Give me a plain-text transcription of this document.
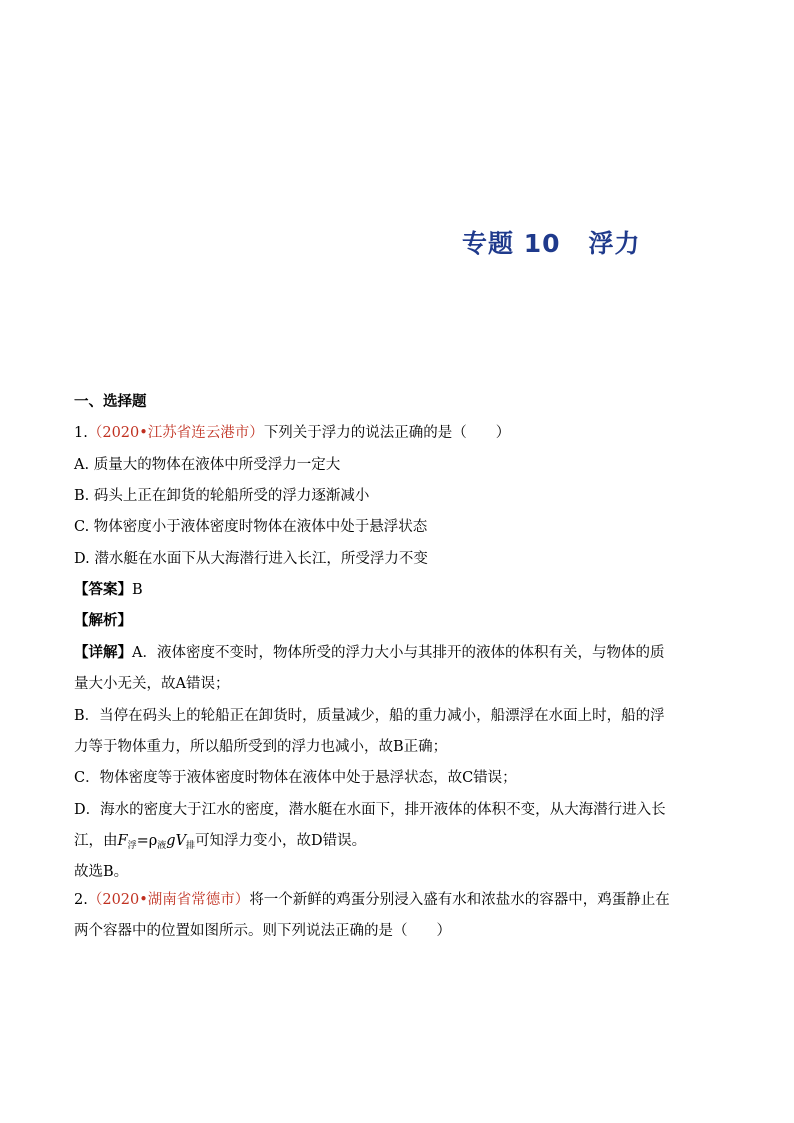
专题 10 浮力
一、选择题
1.（2020•江苏省连云港市）下列关于浮力的说法正确的是（　　）
A. 质量大的物体在液体中所受浮力一定大
B. 码头上正在卸货的轮船所受的浮力逐渐减小
C. 物体密度小于液体密度时物体在液体中处于悬浮状态
D. 潜水艇在水面下从大海潜行进入长江，所受浮力不变
【答案】B
【解析】
【详解】A．液体密度不变时，物体所受的浮力大小与其排开的液体的体积有关，与物体的质
量大小无关，故A错误；
B．当停在码头上的轮船正在卸货时，质量减少，船的重力减小，船漂浮在水面上时，船的浮
力等于物体重力，所以船所受到的浮力也减小，故B正确；
C．物体密度等于液体密度时物体在液体中处于悬浮状态，故C错误；
D．海水的密度大于江水的密度，潜水艇在水面下，排开液体的体积不变，从大海潜行进入长
江，由$F_浮=\rho_液gV_排$可知浮力变小，故D错误。
故选B。
2.（2020•湖南省常德市）将一个新鲜的鸡蛋分别浸入盛有水和浓盐水的容器中，鸡蛋静止在
两个容器中的位置如图所示。则下列说法正确的是（　　）
